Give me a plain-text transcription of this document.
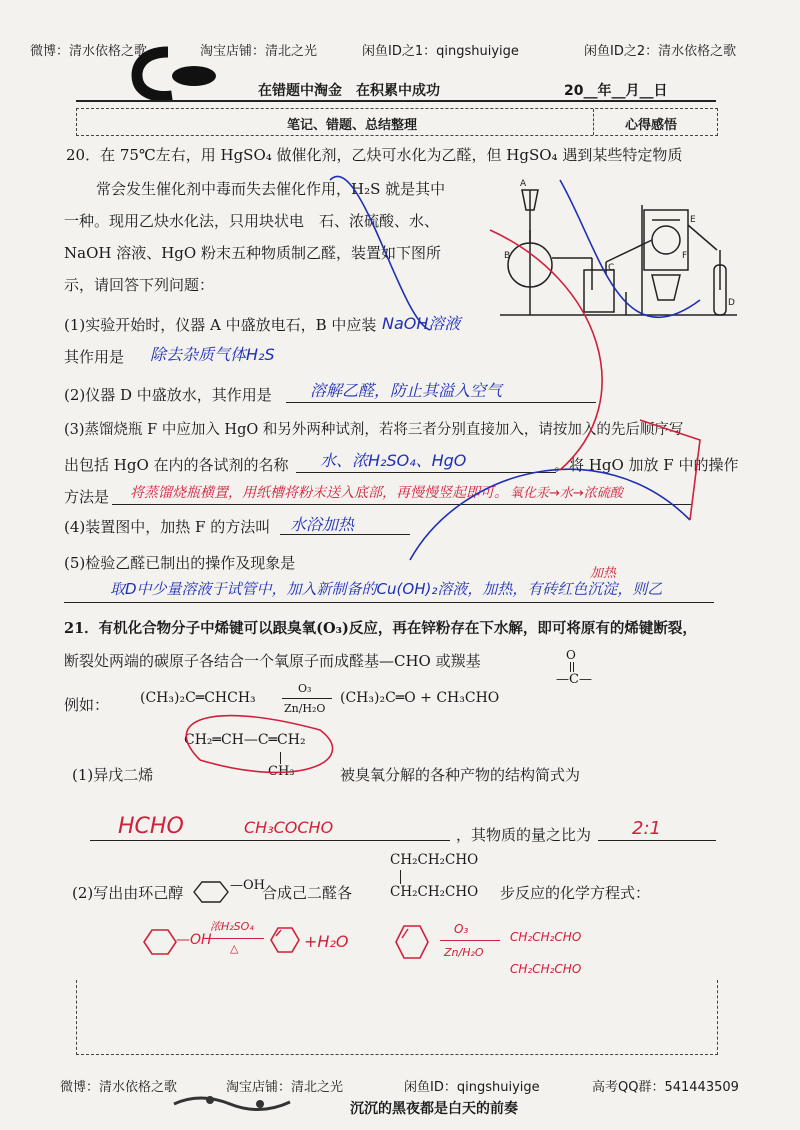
微博：清水依格之歌	淘宝店铺：清北之光	闲鱼ID之1：qingshuiyige	闲鱼ID之2：清水依格之歌
在错题中淘金　在积累中成功	20__年__月__日
笔记、错题、总结整理	心得感悟
20．在 75℃左右，用 HgSO₄ 做催化剂，乙炔可水化为乙醛，但 HgSO₄ 遇到某些特定物质
常会发生催化剂中毒而失去催化作用，H₂S 就是其中
一种。现用乙炔水化法，只用块状电　石、浓硫酸、水、
NaOH 溶液、HgO 粉末五种物质制乙醛，装置如下图所
示，请回答下列问题：
A
B
C
D
E
F
(1)实验开始时，仪器 A 中盛放电石，B 中应装 NaOH溶液
其作用是 除去杂质气体H₂S
(2)仪器 D 中盛放水，其作用是 溶解乙醛，防止其溢入空气
(3)蒸馏烧瓶 F 中应加入 HgO 和另外两种试剂，若将三者分别直接加入，请按加入的先后顺序写
出包括 HgO 在内的各试剂的名称 水、浓H₂SO₄、HgO	。将 HgO 加放 F 中的操作
方法是 将蒸馏烧瓶横置，用纸槽将粉末送入底部，再慢慢竖起即可。 氧化汞→水→浓硫酸
(4)装置图中，加热 F 的方法叫 水浴加热
(5)检验乙醛已制出的操作及现象是
加热
取D中少量溶液于试管中，加入新制备的Cu(OH)₂溶液，加热，有砖红色沉淀，则乙
21．有机化合物分子中烯键可以跟臭氧(O₃)反应，再在锌粉存在下水解，即可将原有的烯键断裂，
断裂处两端的碳原子各结合一个氧原子而成醛基—CHO 或羰基	O
—C—
例如： (CH₃)₂C═CHCH₃
O₃
Zn/H₂O
(CH₃)₂C═O + CH₃CHO
CH₂═CH—C═CH₂
CH₃
(1)异戊二烯	被臭氧分解的各种产物的结构简式为
HCHO	CH₃COCHO	，其物质的量之比为 2:1
CH₂CH₂CHO
CH₂CH₂CHO
(2)写出由环己醇	—OH
合成己二醛各	步反应的化学方程式：
—OH
浓H₂SO₄
△	+H₂O
O₃
Zn/H₂O
CH₂CH₂CHO
CH₂CH₂CHO
微博：清水依格之歌	淘宝店铺：清北之光	闲鱼ID：qingshuiyige	高考QQ群：541443509
沉沉的黑夜都是白天的前奏
